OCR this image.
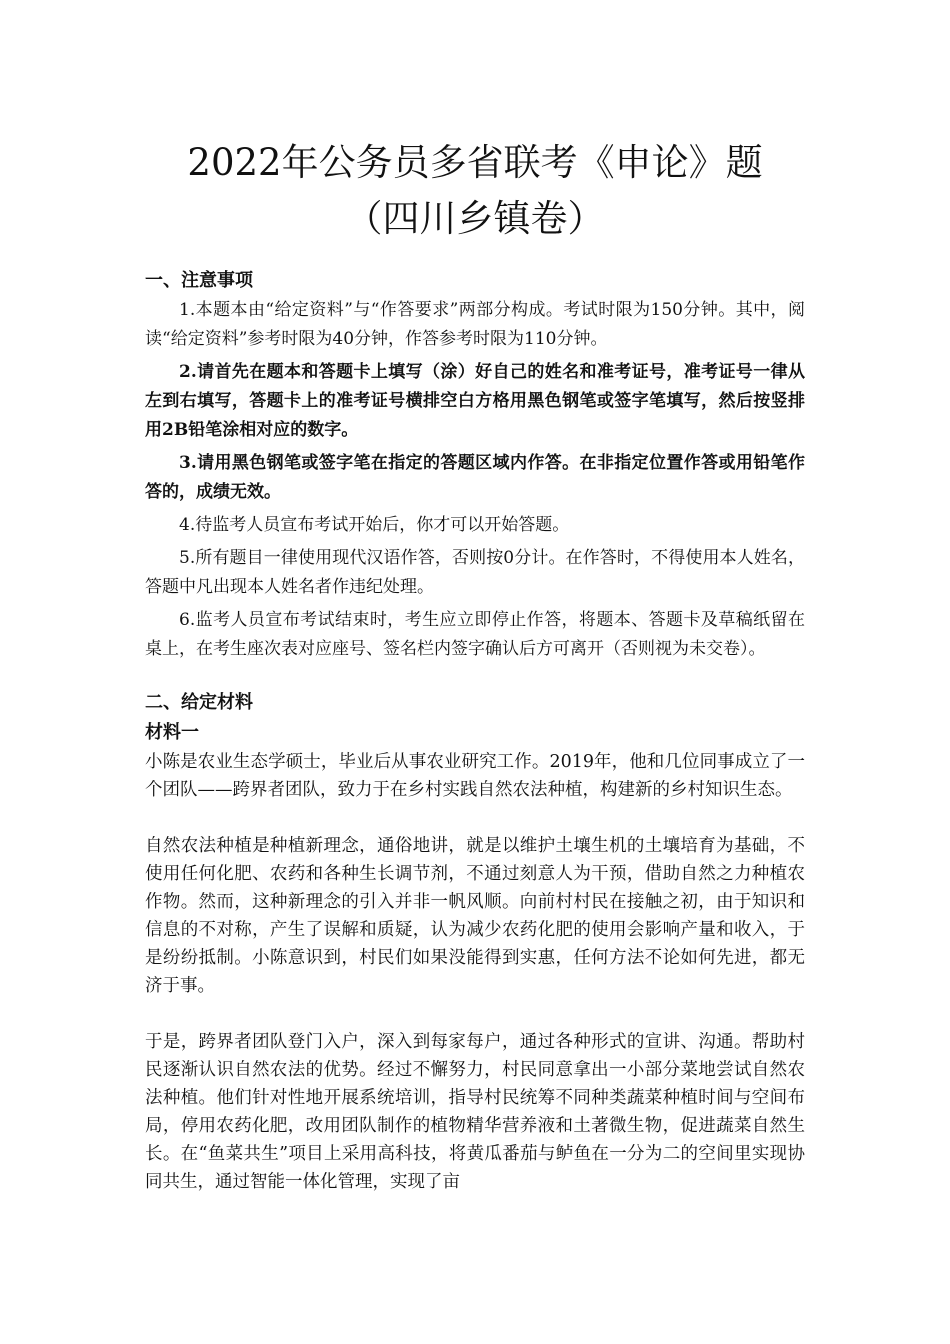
2022年公务员多省联考《申论》题
（四川乡镇卷）

一、注意事项

1.本题本由“给定资料”与“作答要求”两部分构成。考试时限为150分钟。其中，阅读“给定资料”参考时限为40分钟，作答参考时限为110分钟。

2.请首先在题本和答题卡上填写（涂）好自己的姓名和准考证号，准考证号一律从左到右填写，答题卡上的准考证号横排空白方格用黑色钢笔或签字笔填写，然后按竖排用2B铅笔涂相对应的数字。

3.请用黑色钢笔或签字笔在指定的答题区域内作答。在非指定位置作答或用铅笔作答的，成绩无效。

4.待监考人员宣布考试开始后，你才可以开始答题。

5.所有题目一律使用现代汉语作答，否则按0分计。在作答时，不得使用本人姓名，答题中凡出现本人姓名者作违纪处理。

6.监考人员宣布考试结束时，考生应立即停止作答，将题本、答题卡及草稿纸留在桌上，在考生座次表对应座号、签名栏内签字确认后方可离开（否则视为未交卷）。

二、给定材料

材料一

小陈是农业生态学硕士，毕业后从事农业研究工作。2019年，他和几位同事成立了一个团队——跨界者团队，致力于在乡村实践自然农法种植，构建新的乡村知识生态。

自然农法种植是种植新理念，通俗地讲，就是以维护土壤生机的土壤培育为基础，不使用任何化肥、农药和各种生长调节剂，不通过刻意人为干预，借助自然之力种植农作物。然而，这种新理念的引入并非一帆风顺。向前村村民在接触之初，由于知识和信息的不对称，产生了误解和质疑，认为减少农药化肥的使用会影响产量和收入，于是纷纷抵制。小陈意识到，村民们如果没能得到实惠，任何方法不论如何先进，都无济于事。

于是，跨界者团队登门入户，深入到每家每户，通过各种形式的宣讲、沟通。帮助村民逐渐认识自然农法的优势。经过不懈努力，村民同意拿出一小部分菜地尝试自然农法种植。他们针对性地开展系统培训，指导村民统筹不同种类蔬菜种植时间与空间布局，停用农药化肥，改用团队制作的植物精华营养液和土著微生物，促进蔬菜自然生长。在“鱼菜共生”项目上采用高科技，将黄瓜番茄与鲈鱼在一分为二的空间里实现协同共生，通过智能一体化管理，实现了亩
